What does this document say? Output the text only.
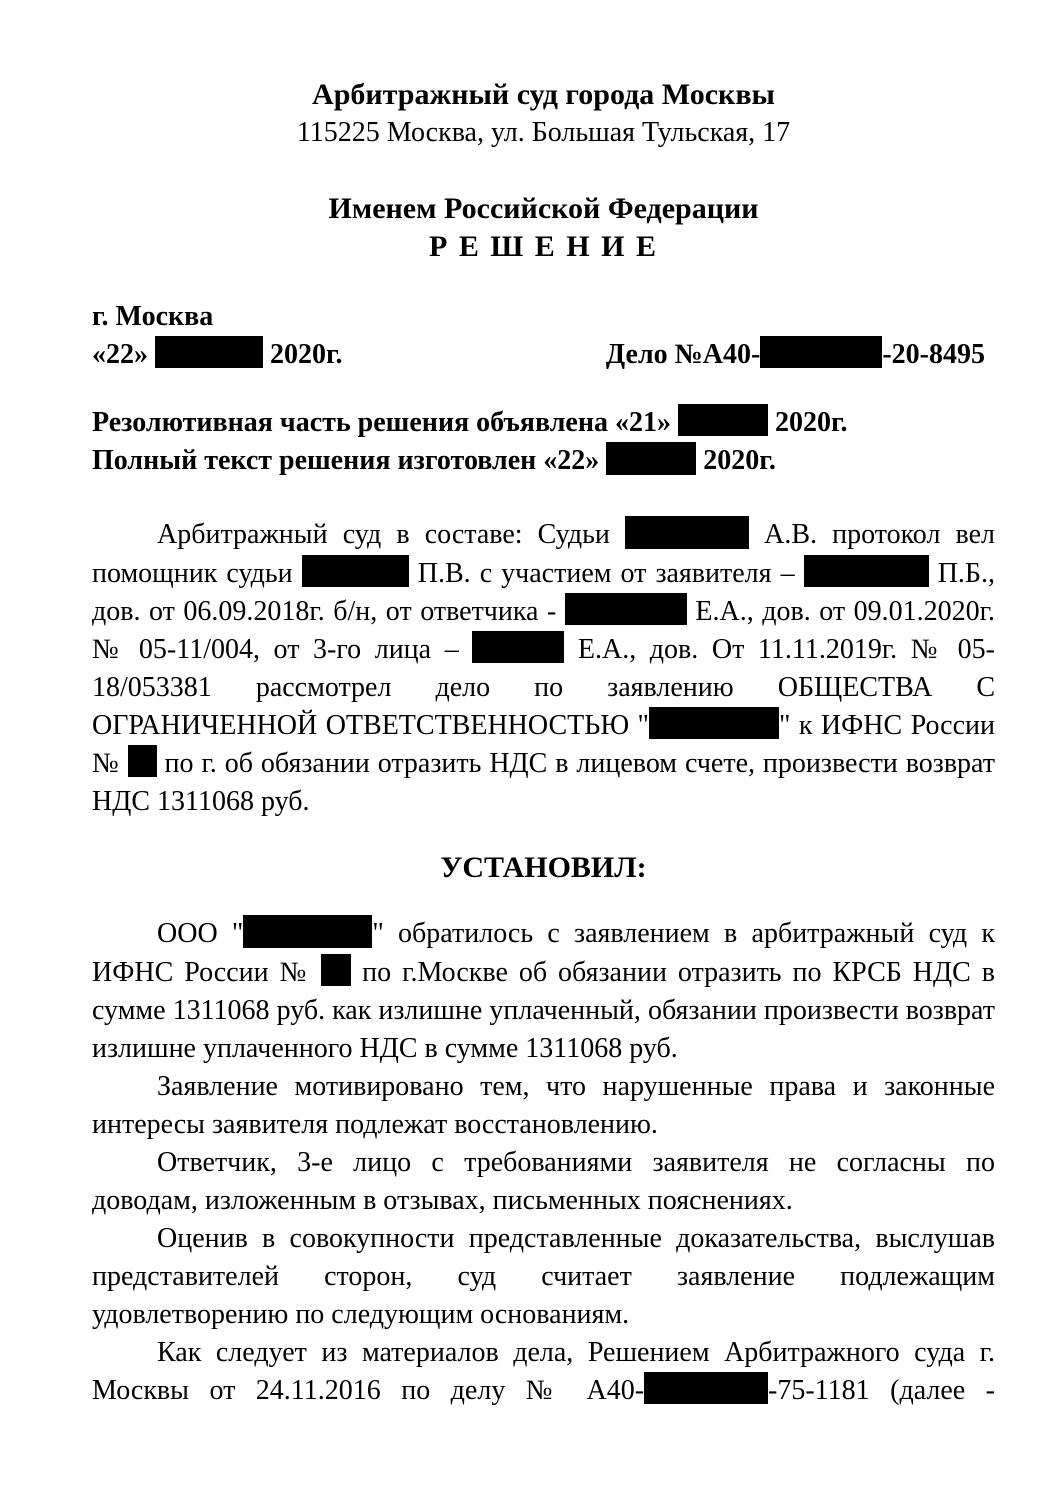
Арбитражный суд города Москвы
115225 Москва, ул. Большая Тульская, 17
Именем Российской Федерации
Р Е Ш Е Н И Е
г. Москва
«22»	2020г.	Дело №А40-	-20-8495
Резолютивная часть решения объявлена «21»	2020г.
Полный текст решения изготовлен «22»	2020г.

Арбитражный суд в составе: Судьи	А.В. протокол вел помощник судьи	П.В. с участием от заявителя –	П.Б., дов. от 06.09.2018г. б/н, от ответчика -	Е.А., дов. от 09.01.2020г. № 05-11/004, от 3-го лица –	Е.А., дов. От 11.11.2019г. № 05-18/053381 рассмотрел дело по заявлению ОБЩЕСТВА С ОГРАНИЧЕННОЙ ОТВЕТСТВЕННОСТЬЮ "	" к ИФНС России №  по г. об обязании отразить НДС в лицевом счете, произвести возврат НДС 1311068 руб.

УСТАНОВИЛ:

ООО "	" обратилось с заявлением в арбитражный суд к ИФНС России №  по г.Москве об обязании отразить по КРСБ НДС в сумме 1311068 руб. как излишне уплаченный, обязании произвести возврат излишне уплаченного НДС в сумме 1311068 руб.

Заявление мотивировано тем, что нарушенные права и законные интересы заявителя подлежат восстановлению.

Ответчик, 3-е лицо с требованиями заявителя не согласны по доводам, изложенным в отзывах, письменных пояснениях.

Оценив в совокупности представленные доказательства, выслушав представителей сторон, суд считает заявление подлежащим удовлетворению по следующим основаниям.

Как следует из материалов дела, Решением Арбитражного суда г. Москвы от 24.11.2016 по делу № А40-	-75-1181 (далее -
